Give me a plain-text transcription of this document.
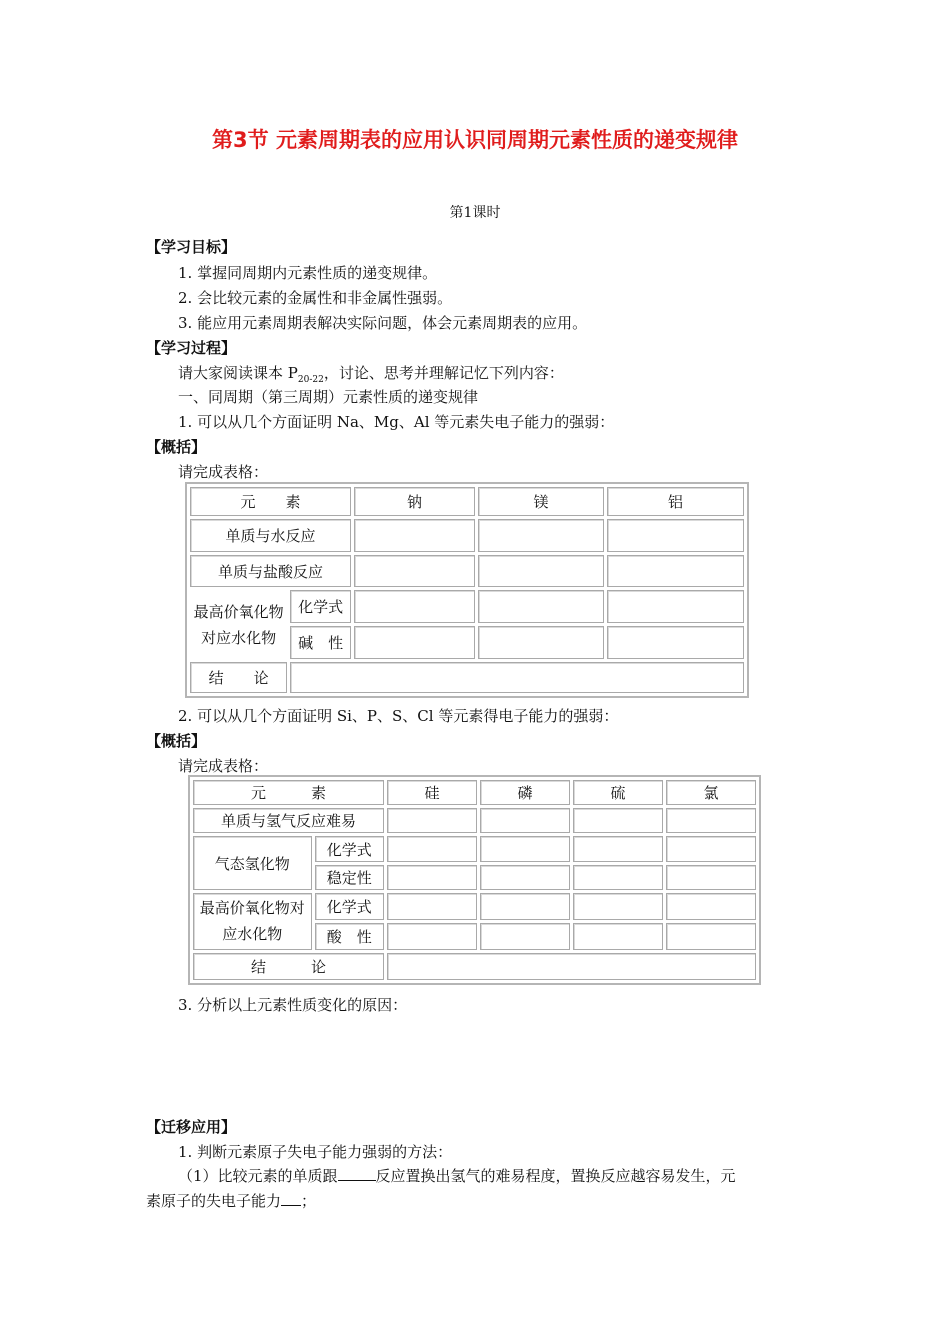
第3节 元素周期表的应用认识同周期元素性质的递变规律
第1课时
【学习目标】
1. 掌握同周期内元素性质的递变规律。
2. 会比较元素的金属性和非金属性强弱。
3. 能应用元素周期表解决实际问题，体会元素周期表的应用。
【学习过程】
请大家阅读课本 $P_{20-22}$，讨论、思考并理解记忆下列内容：
一、同周期（第三周期）元素性质的递变规律
1. 可以从几个方面证明 Na、Mg、Al 等元素失电子能力的强弱：
【概括】
请完成表格：
元　　素		钠	镁	铝
单质与水反应				
单质与盐酸反应				

最高价氧化物
对应水化物	化学式			
	碱　性			
结　　论				
2. 可以从几个方面证明 Si、P、S、Cl 等元素得电子能力的强弱：
【概括】
请完成表格：
元　　　素		硅	磷	硫	氯
单质与氢气反应难易					
气态氢化物	化学式				
	稳定性				

最高价氧化物对
应水化物	化学式				
	酸　性				
结　　　论					
3. 分析以上元素性质变化的原因：
【迁移应用】
1. 判断元素原子失电子能力强弱的方法：
（1）比较元素的单质跟	反应置换出氢气的难易程度，置换反应越容易发生，元
素原子的失电子能力 ；
